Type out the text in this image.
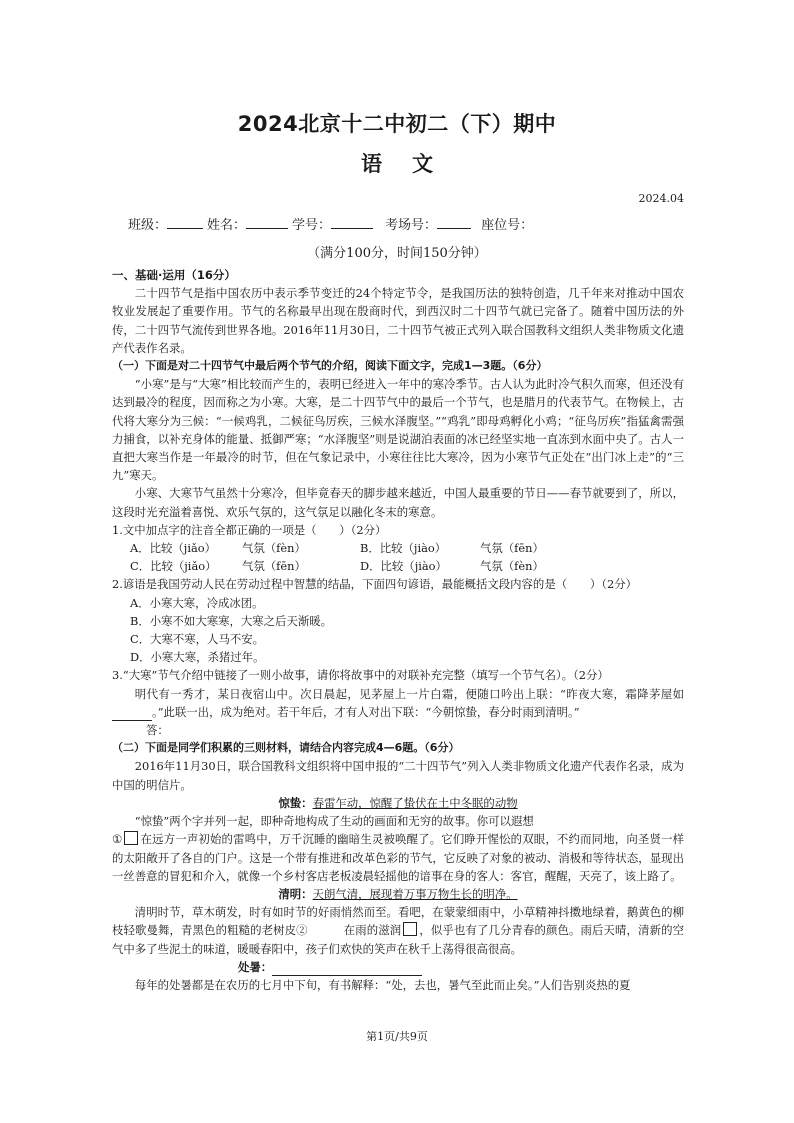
2024北京十二中初二（下）期中
语文
2024.04
班级：	姓名：	学号：	考场号：	座位号：
（满分100分，时间150分钟）

一、基础·运用（16分）

二十四节气是指中国农历中表示季节变迁的24个特定节令，是我国历法的独特创造，几千年来对推动中国农牧业发展起了重要作用。节气的名称最早出现在殷商时代，到西汉时二十四节气就已完备了。随着中国历法的外传，二十四节气流传到世界各地。2016年11月30日，二十四节气被正式列入联合国教科文组织人类非物质文化遗产代表作名录。

（一）下面是对二十四节气中最后两个节气的介绍，阅读下面文字，完成1—3题。（6分）

“小寒”是与“大寒”相比较而产生的，表明已经进入一年中的寒冷季节。古人认为此时冷气积久而寒，但还没有达到最冷的程度，因而称之为小寒。大寒，是二十四节气中的最后一个节气，也是腊月的代表节气。在物候上，古代将大寒分为三候：“一候鸡乳，二候征鸟厉疾，三候水泽腹坚。”“鸡乳”即母鸡孵化小鸡；“征鸟厉疾”指猛禽需强力捕食，以补充身体的能量、抵御严寒；“水泽腹坚”则是说湖泊表面的冰已经坚实地一直冻到水面中央了。古人一直把大寒当作是一年最冷的时节，但在气象记录中，小寒往往比大寒冷，因为小寒节气正处在“出门冰上走”的“三九”寒天。

小寒、大寒节气虽然十分寒冷，但毕竟春天的脚步越来越近，中国人最重要的节日——春节就要到了，所以，这段时光充溢着喜悦、欢乐气氛的，这气氛足以融化冬末的寒意。

1.文中加点字的注音全都正确的一项是（　　）（2分）

A．比较（jiǎo）	气氛（fèn）	B．比较（jiào）	气氛（fēn）
C．比较（jiǎo）	气氛（fēn）	D．比较（jiào）	气氛（fèn）

2.谚语是我国劳动人民在劳动过程中智慧的结晶，下面四句谚语，最能概括文段内容的是（　　）（2分）

A．小寒大寒，冷成冰团。

B．小寒不如大寒寒，大寒之后天渐暖。

C．大寒不寒，人马不安。

D．小寒大寒，杀猪过年。

3.“大寒”节气介绍中链接了一则小故事，请你将故事中的对联补充完整（填写一个节气名）。（2分）

明代有一秀才，某日夜宿山中。次日晨起，见茅屋上一片白霜，便随口吟出上联：“昨夜大寒，霜降茅屋如。”此联一出，成为绝对。若干年后，才有人对出下联：“今朝惊蛰，春分时雨到清明。”

答：

（二）下面是同学们积累的三则材料，请结合内容完成4—6题。（6分）

2016年11月30日，联合国教科文组织将中国申报的“二十四节气”列入人类非物质文化遗产代表作名录，成为中国的明信片。

惊蛰：春雷乍动，惊醒了蛰伏在土中冬眠的动物

“惊蛰”两个字并列一起，即种奇地构成了生动的画面和无穷的故事。你可以遐想

① 在远方一声初始的雷鸣中，万千沉睡的幽暗生灵被唤醒了。它们睁开惺忪的双眼，不约而同地，向圣贤一样的太阳敞开了各自的门户。这是一个带有推进和改革色彩的节气，它反映了对象的被动、消极和等待状态，显现出一丝善意的冒犯和介入，就像一个乡村客店老板凌晨轻摇他的谙事在身的客人：客官，醒醒，天亮了，该上路了。

清明：天朗气清，展现着万事万物生长的明净。

清明时节，草木萌发，时有如时节的好雨悄然而至。看吧，在蒙蒙细雨中，小草精神抖擞地绿着，鹅黄色的柳枝轻歌曼舞，青黑色的粗糙的老树皮②	在雨的滋润 ，似乎也有了几分青春的颜色。雨后天晴，清新的空气中多了些泥土的味道，暖暖春阳中，孩子们欢快的笑声在秋千上荡得很高很高。

处暑：

每年的处暑都是在农历的七月中下旬，有书解释：“处，去也，暑气至此而止矣。”人们告别炎热的夏

第1页/共9页
